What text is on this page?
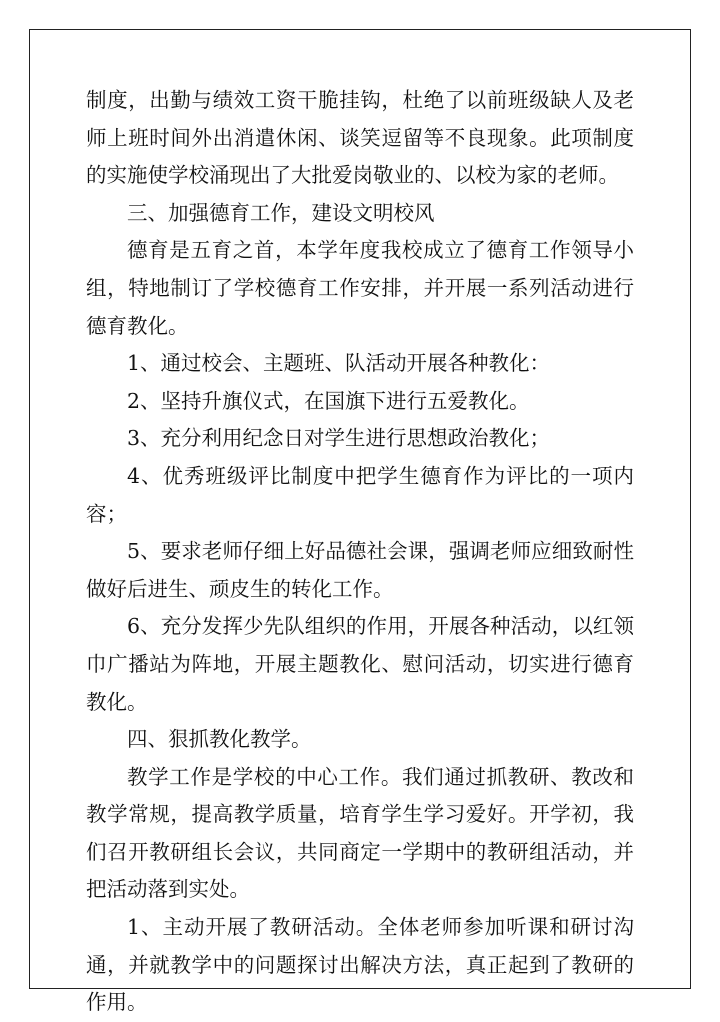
制度，出勤与绩效工资干脆挂钩，杜绝了以前班级缺人及老师上班时间外出消遣休闲、谈笑逗留等不良现象。此项制度的实施使学校涌现出了大批爱岗敬业的、以校为家的老师。

三、加强德育工作，建设文明校风

德育是五育之首，本学年度我校成立了德育工作领导小组，特地制订了学校德育工作安排，并开展一系列活动进行德育教化。

1、通过校会、主题班、队活动开展各种教化：

2、坚持升旗仪式，在国旗下进行五爱教化。

3、充分利用纪念日对学生进行思想政治教化；

4、优秀班级评比制度中把学生德育作为评比的一项内容；

5、要求老师仔细上好品德社会课，强调老师应细致耐性做好后进生、顽皮生的转化工作。

6、充分发挥少先队组织的作用，开展各种活动，以红领巾广播站为阵地，开展主题教化、慰问活动，切实进行德育教化。

四、狠抓教化教学。

教学工作是学校的中心工作。我们通过抓教研、教改和教学常规，提高教学质量，培育学生学习爱好。开学初，我们召开教研组长会议，共同商定一学期中的教研组活动，并把活动落到实处。

1、主动开展了教研活动。全体老师参加听课和研讨沟通，并就教学中的问题探讨出解决方法，真正起到了教研的作用。
